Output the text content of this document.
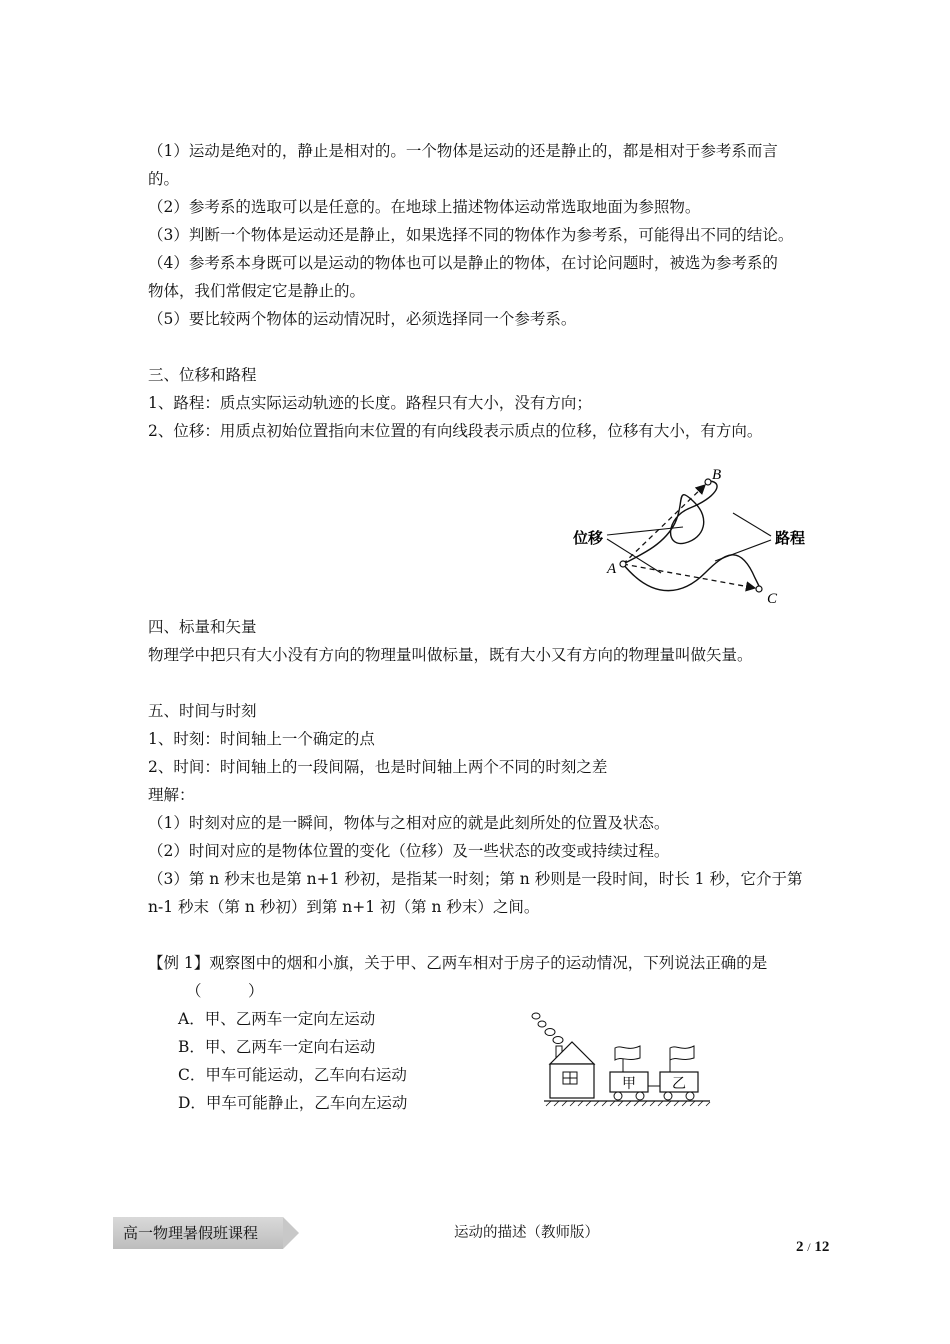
（1）运动是绝对的，静止是相对的。一个物体是运动的还是静止的，都是相对于参考系而言
的。
（2）参考系的选取可以是任意的。在地球上描述物体运动常选取地面为参照物。
（3）判断一个物体是运动还是静止，如果选择不同的物体作为参考系，可能得出不同的结论。
（4）参考系本身既可以是运动的物体也可以是静止的物体，在讨论问题时，被选为参考系的
物体，我们常假定它是静止的。
（5）要比较两个物体的运动情况时，必须选择同一个参考系。
三、位移和路程
1、路程：质点实际运动轨迹的长度。路程只有大小，没有方向；
2、位移：用质点初始位置指向末位置的有向线段表示质点的位移，位移有大小，有方向。
位移	路程
A
B
C
四、标量和矢量
物理学中把只有大小没有方向的物理量叫做标量，既有大小又有方向的物理量叫做矢量。
五、时间与时刻
1、时刻：时间轴上一个确定的点
2、时间：时间轴上的一段间隔，也是时间轴上两个不同的时刻之差
理解：
（1）时刻对应的是一瞬间，物体与之相对应的就是此刻所处的位置及状态。
（2）时间对应的是物体位置的变化（位移）及一些状态的改变或持续过程。
（3）第 n 秒末也是第 n+1 秒初，是指某一时刻；第 n 秒则是一段时间，时长 1 秒，它介于第
n-1 秒末（第 n 秒初）到第 n+1 初（第 n 秒末）之间。
【例 1】观察图中的烟和小旗，关于甲、乙两车相对于房子的运动情况，下列说法正确的是
（　　　）
A．甲、乙两车一定向左运动
B．甲、乙两车一定向右运动
C．甲车可能运动，乙车向右运动
D．甲车可能静止，乙车向左运动
甲	乙
高一物理暑假班课程	运动的描述（教师版）
2 / 12
